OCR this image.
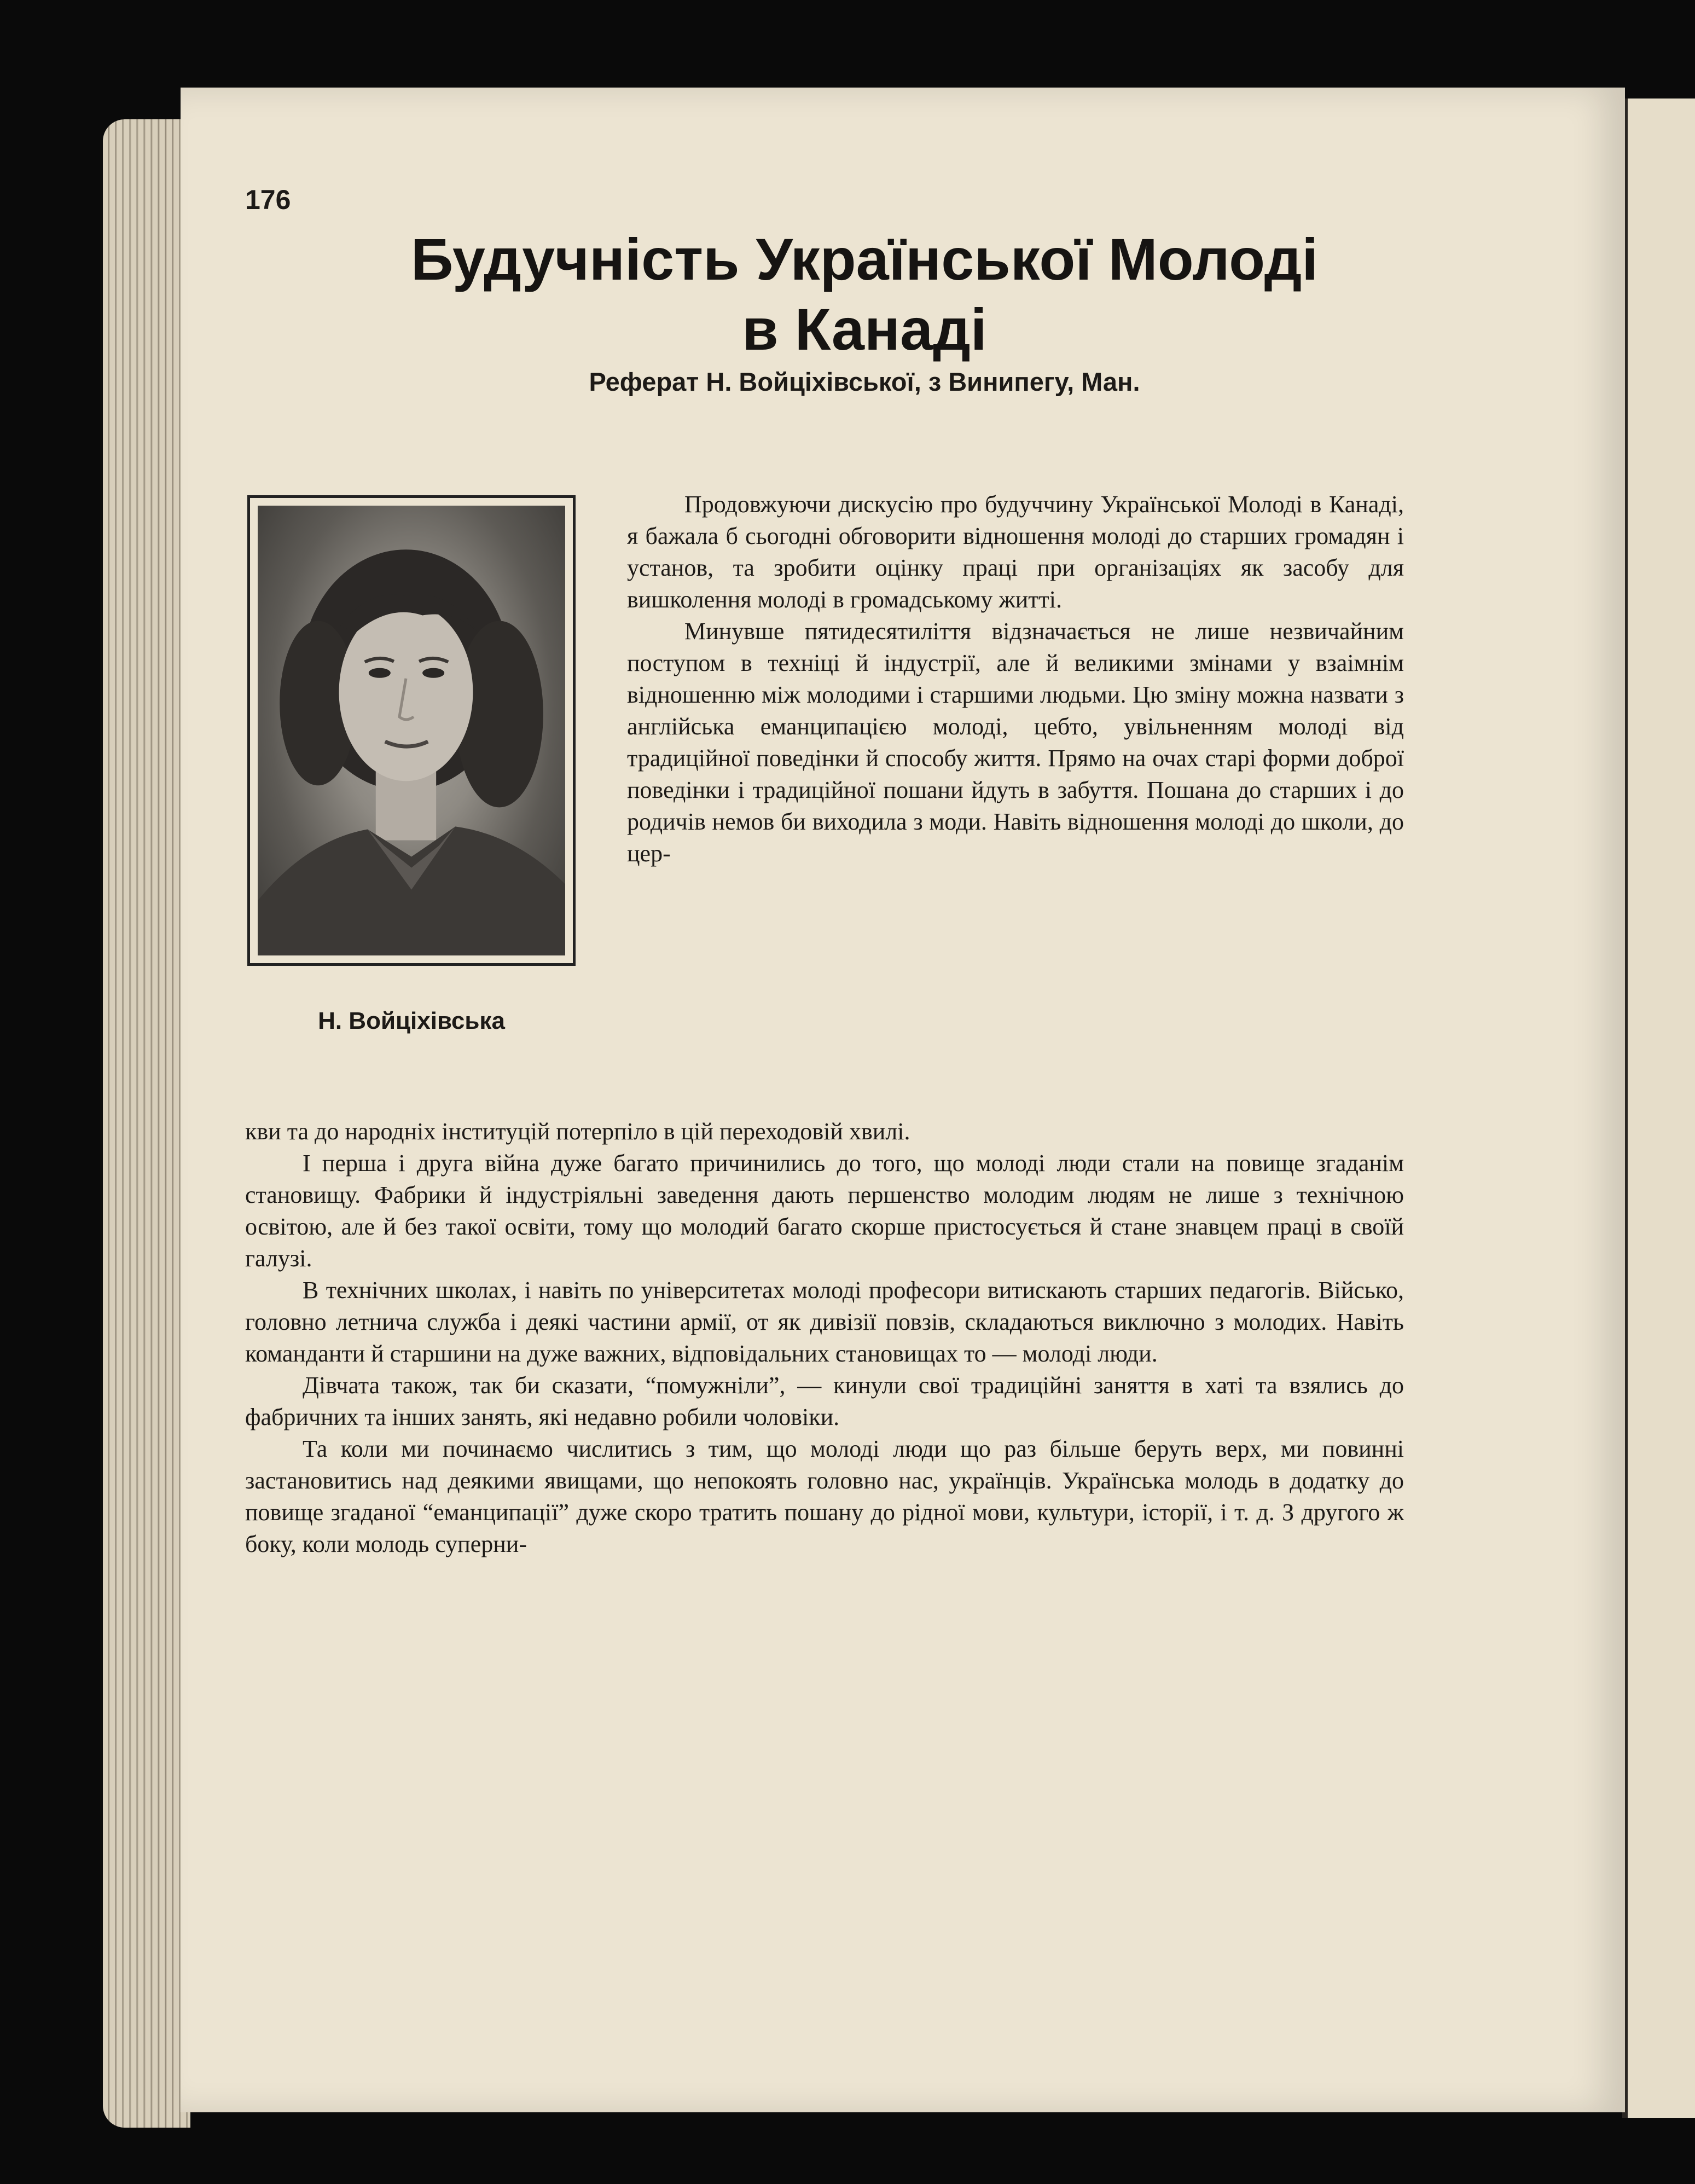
176
Будучність Української Молоді
в Канаді
Реферат Н. Войціхівської, з Винипегу, Ман.
Н. Войціхівська

Продовжуючи дискусію про будуччину Української Молоді в Канаді, я бажала б сьогодні обговорити відношення молоді до старших громадян і установ, та зробити оцінку праці при організаціях як засобу для вишколення молоді в громадському житті.

Минувше пятидесятиліття відзначається не лише незвичайним поступом в техніці й індустрії, але й великими змінами у взаімнім відношенню між молодими і старшими людьми. Цю зміну можна назвати з англійська еманципацією молоді, цебто, увільненням молоді від традиційної поведінки й способу життя. Прямо на очах старі форми доброї поведінки і традиційної пошани йдуть в забуття. Пошана до старших і до родичів немов би виходила з моди. Навіть відношення молоді до школи, до цер-

кви та до народніх інституцій потерпіло в цій переходовій хвилі.

І перша і друга війна дуже багато причинились до того, що молоді люди стали на повище згаданім становищу. Фабрики й індустріяльні заведення дають першенство молодим людям не лише з технічною освітою, але й без такої освіти, тому що молодий багато скорше пристосується й стане знавцем праці в своїй галузі.

В технічних школах, і навіть по університетах молоді професори витискають старших педагогів. Військо, головно летнича служба і деякі частини армії, от як дивізії повзів, складаються виключно з молодих. Навіть команданти й старшини на дуже важних, відповідальних становищах то — молоді люди.

Дівчата також, так би сказати, “помужніли”, — кинули свої традиційні заняття в хаті та взялись до фабричних та інших занять, які недавно робили чоловіки.

Та коли ми починаємо числитись з тим, що молоді люди що раз більше беруть верх, ми повинні застановитись над деякими явищами, що непокоять головно нас, українців. Українська молодь в додатку до повище згаданої “еманципації” дуже скоро тратить пошану до рідної мови, культури, історії, і т. д. З другого ж боку, коли молодь суперни-
